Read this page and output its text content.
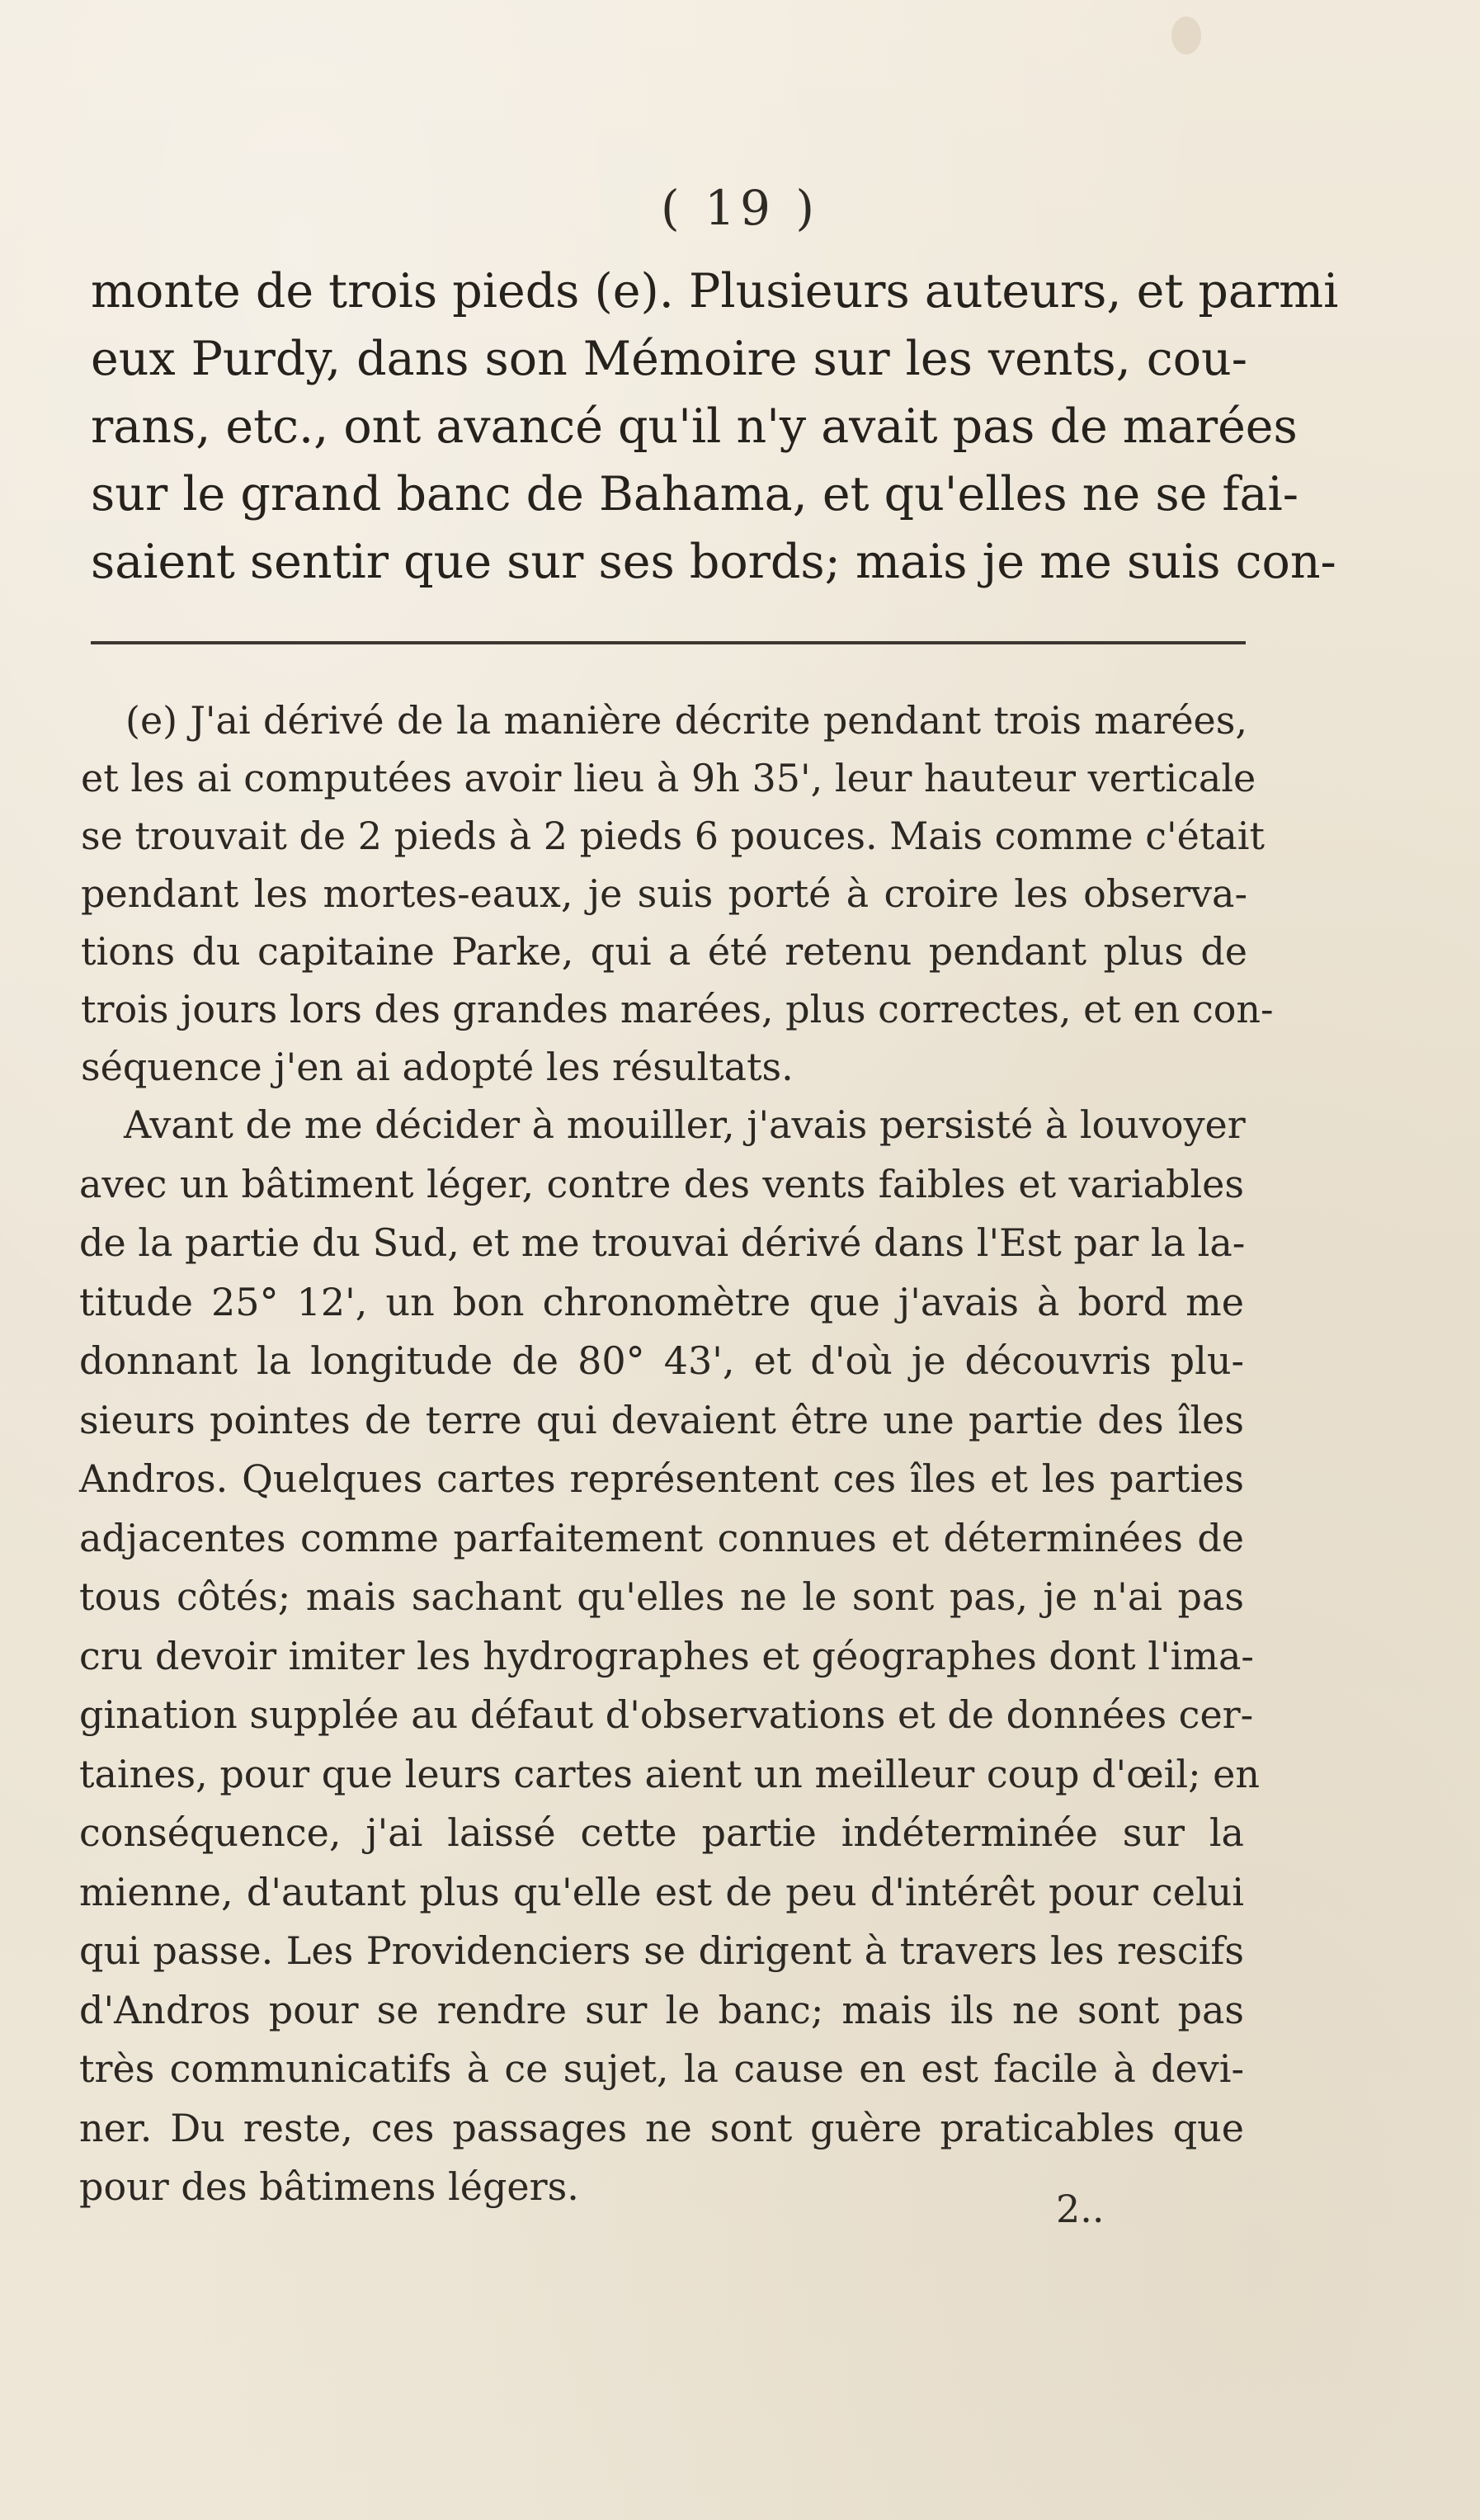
( 19 )
monte de trois pieds (e). Plusieurs auteurs, et parmi
eux Purdy, dans son Mémoire sur les vents, cou-
rans, etc., ont avancé qu'il n'y avait pas de marées
sur le grand banc de Bahama, et qu'elles ne se fai-
saient sentir que sur ses bords; mais je me suis con-
(e) J'ai dérivé de la manière décrite pendant trois marées,
et les ai computées avoir lieu à 9h 35', leur hauteur verticale
se trouvait de 2 pieds à 2 pieds 6 pouces. Mais comme c'était
pendant les mortes-eaux, je suis porté à croire les observa-
tions du capitaine Parke, qui a été retenu pendant plus de
trois jours lors des grandes marées, plus correctes, et en con-
séquence j'en ai adopté les résultats.
Avant de me décider à mouiller, j'avais persisté à louvoyer
avec un bâtiment léger, contre des vents faibles et variables
de la partie du Sud, et me trouvai dérivé dans l'Est par la la-
titude 25° 12', un bon chronomètre que j'avais à bord me
donnant la longitude de 80° 43', et d'où je découvris plu-
sieurs pointes de terre qui devaient être une partie des îles
Andros. Quelques cartes représentent ces îles et les parties
adjacentes comme parfaitement connues et déterminées de
tous côtés; mais sachant qu'elles ne le sont pas, je n'ai pas
cru devoir imiter les hydrographes et géographes dont l'ima-
gination supplée au défaut d'observations et de données cer-
taines, pour que leurs cartes aient un meilleur coup d'œil; en
conséquence, j'ai laissé cette partie indéterminée sur la
mienne, d'autant plus qu'elle est de peu d'intérêt pour celui
qui passe. Les Providenciers se dirigent à travers les rescifs
d'Andros pour se rendre sur le banc; mais ils ne sont pas
très communicatifs à ce sujet, la cause en est facile à devi-
ner. Du reste, ces passages ne sont guère praticables que
pour des bâtimens légers.	2..
